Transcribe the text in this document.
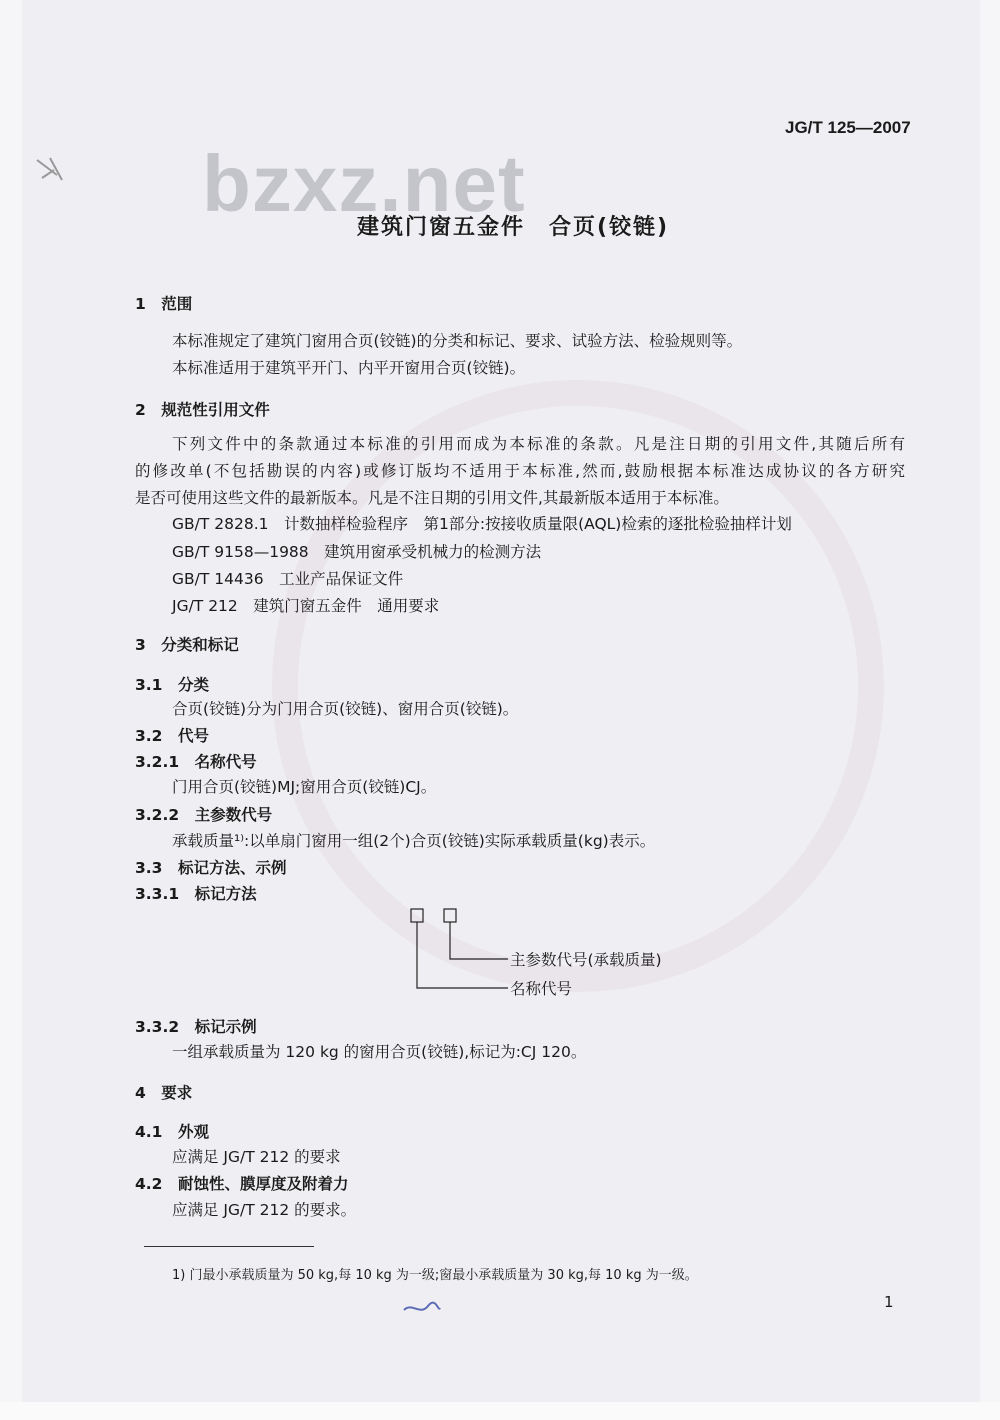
bzxz.net
JG/T 125—2007
建筑门窗五金件　合页(铰链)
1　范围
本标准规定了建筑门窗用合页(铰链)的分类和标记、要求、试验方法、检验规则等。
本标准适用于建筑平开门、内平开窗用合页(铰链)。
2　规范性引用文件
下列文件中的条款通过本标准的引用而成为本标准的条款。凡是注日期的引用文件,其随后所有
的修改单(不包括勘误的内容)或修订版均不适用于本标准,然而,鼓励根据本标准达成协议的各方研究
是否可使用这些文件的最新版本。凡是不注日期的引用文件,其最新版本适用于本标准。
GB/T 2828.1　计数抽样检验程序　第1部分:按接收质量限(AQL)检索的逐批检验抽样计划
GB/T 9158—1988　建筑用窗承受机械力的检测方法
GB/T 14436　工业产品保证文件
JG/T 212　建筑门窗五金件　通用要求
3　分类和标记
3.1　分类
合页(铰链)分为门用合页(铰链)、窗用合页(铰链)。
3.2　代号
3.2.1　名称代号
门用合页(铰链)MJ;窗用合页(铰链)CJ。
3.2.2　主参数代号
承载质量¹⁾:以单扇门窗用一组(2个)合页(铰链)实际承载质量(kg)表示。
3.3　标记方法、示例
3.3.1　标记方法
主参数代号(承载质量)
名称代号
3.3.2　标记示例
一组承载质量为 120 kg 的窗用合页(铰链),标记为:CJ 120。
4　要求
4.1　外观
应满足 JG/T 212 的要求
4.2　耐蚀性、膜厚度及附着力
应满足 JG/T 212 的要求。
1) 门最小承载质量为 50 kg,每 10 kg 为一级;窗最小承载质量为 30 kg,每 10 kg 为一级。
1
